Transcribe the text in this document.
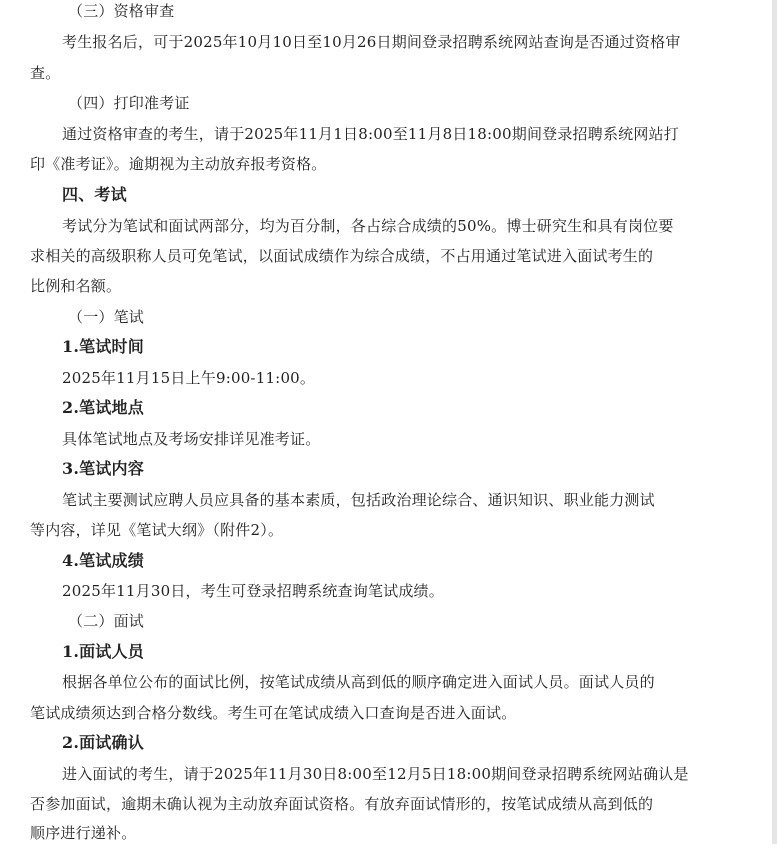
（三）资格审查
考生报名后，可于2025年10月10日至10月26日期间登录招聘系统网站查询是否通过资格审
查。
（四）打印准考证
通过资格审查的考生，请于2025年11月1日8:00至11月8日18:00期间登录招聘系统网站打
印《准考证》。逾期视为主动放弃报考资格。
四、考试
考试分为笔试和面试两部分，均为百分制，各占综合成绩的50%。博士研究生和具有岗位要
求相关的高级职称人员可免笔试，以面试成绩作为综合成绩，不占用通过笔试进入面试考生的
比例和名额。
（一）笔试
1.笔试时间
2025年11月15日上午9:00-11:00。
2.笔试地点
具体笔试地点及考场安排详见准考证。
3.笔试内容
笔试主要测试应聘人员应具备的基本素质，包括政治理论综合、通识知识、职业能力测试
等内容，详见《笔试大纲》（附件2）。
4.笔试成绩
2025年11月30日，考生可登录招聘系统查询笔试成绩。
（二）面试
1.面试人员
根据各单位公布的面试比例，按笔试成绩从高到低的顺序确定进入面试人员。面试人员的
笔试成绩须达到合格分数线。考生可在笔试成绩入口查询是否进入面试。
2.面试确认
进入面试的考生，请于2025年11月30日8:00至12月5日18:00期间登录招聘系统网站确认是
否参加面试，逾期未确认视为主动放弃面试资格。有放弃面试情形的，按笔试成绩从高到低的
顺序进行递补。
